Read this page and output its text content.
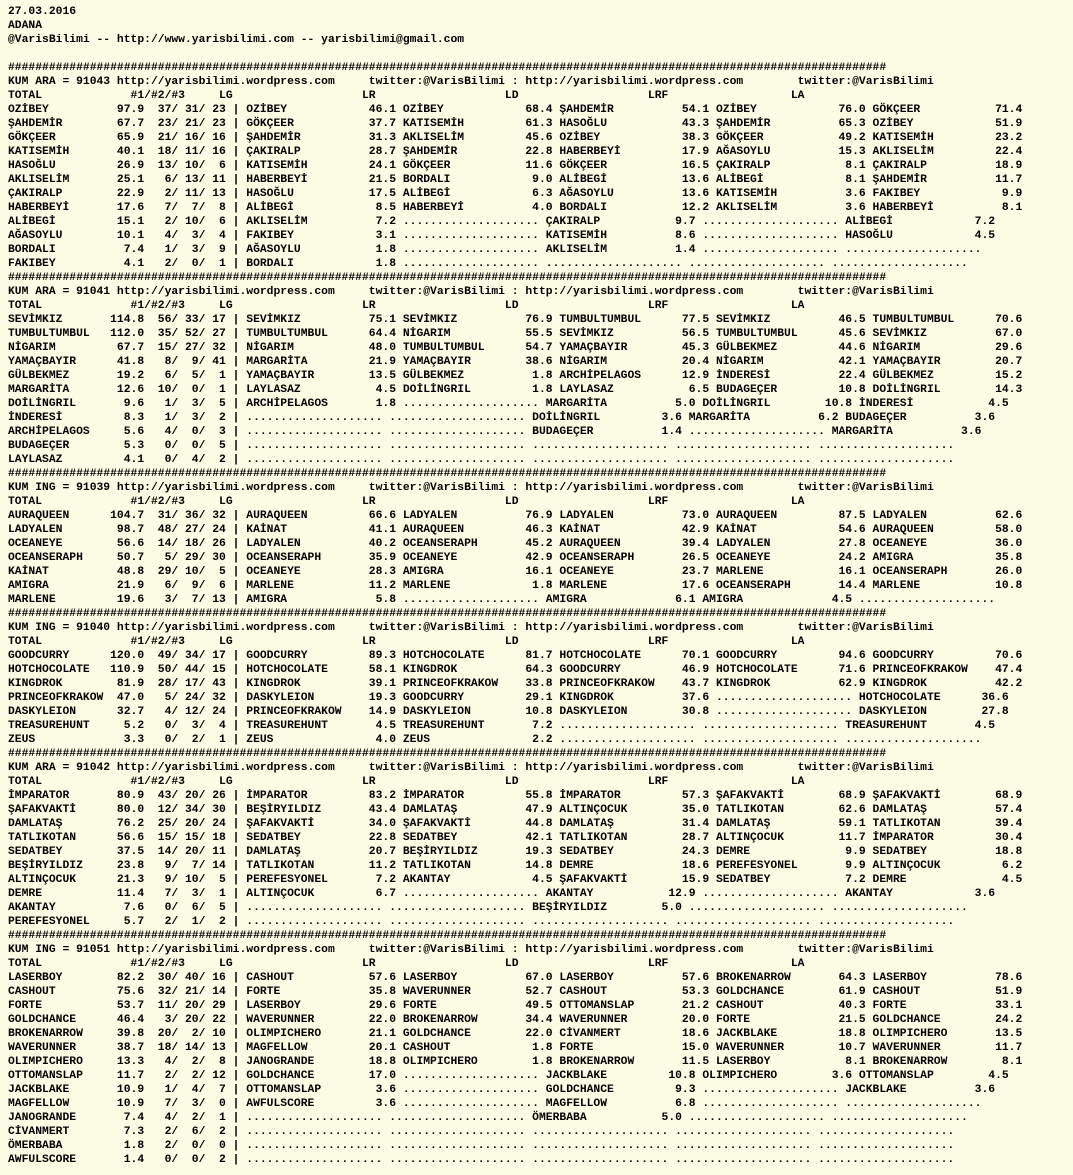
27.03.2016
ADANA
@VarisBilimi -- http://www.yarisbilimi.com -- yarisbilimi@gmail.com

#################################################################################################################################
KUM ARA = 91043 http://yarisbilimi.wordpress.com     twitter:@VarisBilimi : http://yarisbilimi.wordpress.com        twitter:@VarisBilimi
TOTAL             #1/#2/#3     LG                   LR                   LD                   LRF                  LA
OZİBEY          97.9  37/ 31/ 23 | OZİBEY            46.1 OZİBEY            68.4 ŞAHDEMİR          54.1 OZİBEY            76.0 GÖKÇEER           71.4
ŞAHDEMİR        67.7  23/ 21/ 23 | GÖKÇEER           37.7 KATISEMİH         61.3 HASOĞLU           43.3 ŞAHDEMİR          65.3 OZİBEY            51.9
GÖKÇEER         65.9  21/ 16/ 16 | ŞAHDEMİR          31.3 AKLISELİM         45.6 OZİBEY            38.3 GÖKÇEER           49.2 KATISEMİH         23.2
KATISEMİH       40.1  18/ 11/ 16 | ÇAKIRALP          28.7 ŞAHDEMİR          22.8 HABERBEYİ         17.9 AĞASOYLU          15.3 AKLISELİM         22.4
HASOĞLU         26.9  13/ 10/  6 | KATISEMİH         24.1 GÖKÇEER           11.6 GÖKÇEER           16.5 ÇAKIRALP           8.1 ÇAKIRALP          18.9
AKLISELİM       25.1   6/ 13/ 11 | HABERBEYİ         21.5 BORDALI            9.0 ALİBEGİ           13.6 ALİBEGİ            8.1 ŞAHDEMİR          11.7
ÇAKIRALP        22.9   2/ 11/ 13 | HASOĞLU           17.5 ALİBEGİ            6.3 AĞASOYLU          13.6 KATISEMİH          3.6 FAKIBEY            9.9
HABERBEYİ       17.6   7/  7/  8 | ALİBEGİ            8.5 HABERBEYİ          4.0 BORDALI           12.2 AKLISELİM          3.6 HABERBEYİ          8.1
ALİBEGİ         15.1   2/ 10/  6 | AKLISELİM          7.2 .................... ÇAKIRALP           9.7 .................... ALİBEGİ            7.2
AĞASOYLU        10.1   4/  3/  4 | FAKIBEY            3.1 .................... KATISEMİH          8.6 .................... HASOĞLU            4.5
BORDALI          7.4   1/  3/  9 | AĞASOYLU           1.8 .................... AKLISELİM          1.4 .................... ....................
FAKIBEY          4.1   2/  0/  1 | BORDALI            1.8 .................... .................... .................... ....................
#################################################################################################################################
KUM ARA = 91041 http://yarisbilimi.wordpress.com     twitter:@VarisBilimi : http://yarisbilimi.wordpress.com        twitter:@VarisBilimi
TOTAL             #1/#2/#3     LG                   LR                   LD                   LRF                  LA
SEVİMKIZ       114.8  56/ 33/ 17 | SEVİMKIZ          75.1 SEVİMKIZ          76.9 TUMBULTUMBUL      77.5 SEVİMKIZ          46.5 TUMBULTUMBUL      70.6
TUMBULTUMBUL   112.0  35/ 52/ 27 | TUMBULTUMBUL      64.4 NİGARIM           55.5 SEVİMKIZ          56.5 TUMBULTUMBUL      45.6 SEVİMKIZ          67.0
NİGARIM         67.7  15/ 27/ 32 | NİGARIM           48.0 TUMBULTUMBUL      54.7 YAMAÇBAYIR        45.3 GÜLBEKMEZ         44.6 NİGARIM           29.6
YAMAÇBAYIR      41.8   8/  9/ 41 | MARGARİTA         21.9 YAMAÇBAYIR        38.6 NİGARIM           20.4 NİGARIM           42.1 YAMAÇBAYIR        20.7
GÜLBEKMEZ       19.2   6/  5/  1 | YAMAÇBAYIR        13.5 GÜLBEKMEZ          1.8 ARCHİPELAGOS      12.9 İNDERESİ          22.4 GÜLBEKMEZ         15.2
MARGARİTA       12.6  10/  0/  1 | LAYLASAZ           4.5 DOİLİNGRIL         1.8 LAYLASAZ           6.5 BUDAGEÇER         10.8 DOİLİNGRIL        14.3
DOİLİNGRIL       9.6   1/  3/  5 | ARCHİPELAGOS       1.8 .................... MARGARİTA          5.0 DOİLİNGRIL        10.8 İNDERESİ           4.5
İNDERESİ         8.3   1/  3/  2 | .................... .................... DOİLİNGRIL         3.6 MARGARİTA          6.2 BUDAGEÇER          3.6
ARCHİPELAGOS     5.6   4/  0/  3 | .................... .................... BUDAGEÇER          1.4 .................... MARGARİTA          3.6
BUDAGEÇER        5.3   0/  0/  5 | .................... .................... .................... .................... ....................
LAYLASAZ         4.1   0/  4/  2 | .................... .................... .................... .................... ....................
#################################################################################################################################
KUM ING = 91039 http://yarisbilimi.wordpress.com     twitter:@VarisBilimi : http://yarisbilimi.wordpress.com        twitter:@VarisBilimi
TOTAL             #1/#2/#3     LG                   LR                   LD                   LRF                  LA
AURAQUEEN      104.7  31/ 36/ 32 | AURAQUEEN         66.6 LADYALEN          76.9 LADYALEN          73.0 AURAQUEEN         87.5 LADYALEN          62.6
LADYALEN        98.7  48/ 27/ 24 | KAİNAT            41.1 AURAQUEEN         46.3 KAİNAT            42.9 KAİNAT            54.6 AURAQUEEN         58.0
OCEANEYE        56.6  14/ 18/ 26 | LADYALEN          40.2 OCEANSERAPH       45.2 AURAQUEEN         39.4 LADYALEN          27.8 OCEANEYE          36.0
OCEANSERAPH     50.7   5/ 29/ 30 | OCEANSERAPH       35.9 OCEANEYE          42.9 OCEANSERAPH       26.5 OCEANEYE          24.2 AMIGRA            35.8
KAİNAT          48.8  29/ 10/  5 | OCEANEYE          28.3 AMIGRA            16.1 OCEANEYE          23.7 MARLENE           16.1 OCEANSERAPH       26.0
AMIGRA          21.9   6/  9/  6 | MARLENE           11.2 MARLENE            1.8 MARLENE           17.6 OCEANSERAPH       14.4 MARLENE           10.8
MARLENE         19.6   3/  7/ 13 | AMIGRA             5.8 .................... AMIGRA             6.1 AMIGRA             4.5 ....................
#################################################################################################################################
KUM ING = 91040 http://yarisbilimi.wordpress.com     twitter:@VarisBilimi : http://yarisbilimi.wordpress.com        twitter:@VarisBilimi
TOTAL             #1/#2/#3     LG                   LR                   LD                   LRF                  LA
GOODCURRY      120.0  49/ 34/ 17 | GOODCURRY         89.3 HOTCHOCOLATE      81.7 HOTCHOCOLATE      70.1 GOODCURRY         94.6 GOODCURRY         70.6
HOTCHOCOLATE   110.9  50/ 44/ 15 | HOTCHOCOLATE      58.1 KINGDROK          64.3 GOODCURRY         46.9 HOTCHOCOLATE      71.6 PRINCEOFKRAKOW    47.4
KINGDROK        81.9  28/ 17/ 43 | KINGDROK          39.1 PRINCEOFKRAKOW    33.8 PRINCEOFKRAKOW    43.7 KINGDROK          62.9 KINGDROK          42.2
PRINCEOFKRAKOW  47.0   5/ 24/ 32 | DASKYLEION        19.3 GOODCURRY         29.1 KINGDROK          37.6 .................... HOTCHOCOLATE      36.6
DASKYLEION      32.7   4/ 12/ 24 | PRINCEOFKRAKOW    14.9 DASKYLEION        10.8 DASKYLEION        30.8 .................... DASKYLEION        27.8
TREASUREHUNT     5.2   0/  3/  4 | TREASUREHUNT       4.5 TREASUREHUNT       7.2 .................... .................... TREASUREHUNT       4.5
ZEUS             3.3   0/  2/  1 | ZEUS               4.0 ZEUS               2.2 .................... .................... ....................
#################################################################################################################################
KUM ARA = 91042 http://yarisbilimi.wordpress.com     twitter:@VarisBilimi : http://yarisbilimi.wordpress.com        twitter:@VarisBilimi
TOTAL             #1/#2/#3     LG                   LR                   LD                   LRF                  LA
İMPARATOR       80.9  43/ 20/ 26 | İMPARATOR         83.2 İMPARATOR         55.8 İMPARATOR         57.3 ŞAFAKVAKTİ        68.9 ŞAFAKVAKTİ        68.9
ŞAFAKVAKTİ      80.0  12/ 34/ 30 | BEŞİRYILDIZ       43.4 DAMLATAŞ          47.9 ALTINÇOCUK        35.0 TATLIKOTAN        62.6 DAMLATAŞ          57.4
DAMLATAŞ        76.2  25/ 20/ 24 | ŞAFAKVAKTİ        34.0 ŞAFAKVAKTİ        44.8 DAMLATAŞ          31.4 DAMLATAŞ          59.1 TATLIKOTAN        39.4
TATLIKOTAN      56.6  15/ 15/ 18 | SEDATBEY          22.8 SEDATBEY          42.1 TATLIKOTAN        28.7 ALTINÇOCUK        11.7 İMPARATOR         30.4
SEDATBEY        37.5  14/ 20/ 11 | DAMLATAŞ          20.7 BEŞİRYILDIZ       19.3 SEDATBEY          24.3 DEMRE              9.9 SEDATBEY          18.8
BEŞİRYILDIZ     23.8   9/  7/ 14 | TATLIKOTAN        11.2 TATLIKOTAN        14.8 DEMRE             18.6 PEREFESYONEL       9.9 ALTINÇOCUK         6.2
ALTINÇOCUK      21.3   9/ 10/  5 | PEREFESYONEL       7.2 AKANTAY            4.5 ŞAFAKVAKTİ        15.9 SEDATBEY           7.2 DEMRE              4.5
DEMRE           11.4   7/  3/  1 | ALTINÇOCUK         6.7 .................... AKANTAY           12.9 .................... AKANTAY            3.6
AKANTAY          7.6   0/  6/  5 | .................... .................... BEŞİRYILDIZ        5.0 .................... ....................
PEREFESYONEL     5.7   2/  1/  2 | .................... .................... .................... .................... ....................
#################################################################################################################################
KUM ING = 91051 http://yarisbilimi.wordpress.com     twitter:@VarisBilimi : http://yarisbilimi.wordpress.com        twitter:@VarisBilimi
TOTAL             #1/#2/#3     LG                   LR                   LD                   LRF                  LA
LASERBOY        82.2  30/ 40/ 16 | CASHOUT           57.6 LASERBOY          67.0 LASERBOY          57.6 BROKENARROW       64.3 LASERBOY          78.6
CASHOUT         75.6  32/ 21/ 14 | FORTE             35.8 WAVERUNNER        52.7 CASHOUT           53.3 GOLDCHANCE        61.9 CASHOUT           51.9
FORTE           53.7  11/ 20/ 29 | LASERBOY          29.6 FORTE             49.5 OTTOMANSLAP       21.2 CASHOUT           40.3 FORTE             33.1
GOLDCHANCE      46.4   3/ 20/ 22 | WAVERUNNER        22.0 BROKENARROW       34.4 WAVERUNNER        20.0 FORTE             21.5 GOLDCHANCE        24.2
BROKENARROW     39.8  20/  2/ 10 | OLIMPICHERO       21.1 GOLDCHANCE        22.0 CİVANMERT         18.6 JACKBLAKE         18.8 OLIMPICHERO       13.5
WAVERUNNER      38.7  18/ 14/ 13 | MAGFELLOW         20.1 CASHOUT            1.8 FORTE             15.0 WAVERUNNER        10.7 WAVERUNNER        11.7
OLIMPICHERO     13.3   4/  2/  8 | JANOGRANDE        18.8 OLIMPICHERO        1.8 BROKENARROW       11.5 LASERBOY           8.1 BROKENARROW        8.1
OTTOMANSLAP     11.7   2/  2/ 12 | GOLDCHANCE        17.0 .................... JACKBLAKE         10.8 OLIMPICHERO        3.6 OTTOMANSLAP        4.5
JACKBLAKE       10.9   1/  4/  7 | OTTOMANSLAP        3.6 .................... GOLDCHANCE         9.3 .................... JACKBLAKE          3.6
MAGFELLOW       10.9   7/  3/  0 | AWFULSCORE         3.6 .................... MAGFELLOW          6.8 .................... ....................
JANOGRANDE       7.4   4/  2/  1 | .................... .................... ÖMERBABA           5.0 .................... ....................
CİVANMERT        7.3   2/  6/  2 | .................... .................... .................... .................... ....................
ÖMERBABA         1.8   2/  0/  0 | .................... .................... .................... .................... ....................
AWFULSCORE       1.4   0/  0/  2 | .................... .................... .................... .................... ....................
